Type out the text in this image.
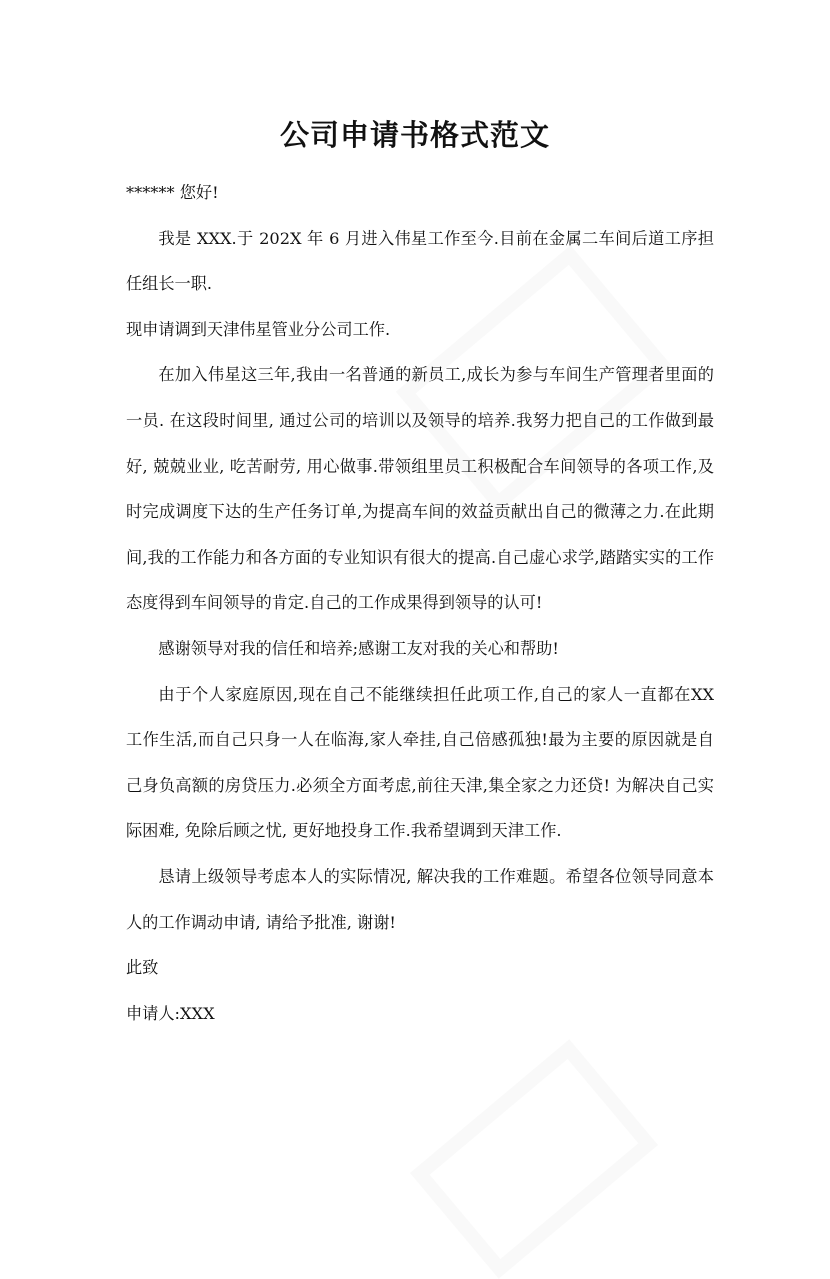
公司申请书格式范文

****** 您好!

我是 XXX.于 202X 年 6 月进入伟星工作至今.目前在金属二车间后道工序担任组长一职.

现申请调到天津伟星管业分公司工作.

在加入伟星这三年,我由一名普通的新员工,成长为参与车间生产管理者里面的一员. 在这段时间里, 通过公司的培训以及领导的培养.我努力把自己的工作做到最好, 兢兢业业, 吃苦耐劳, 用心做事.带领组里员工积极配合车间领导的各项工作,及时完成调度下达的生产任务订单,为提高车间的效益贡献出自己的微薄之力.在此期间,我的工作能力和各方面的专业知识有很大的提高.自己虚心求学,踏踏实实的工作态度得到车间领导的肯定.自己的工作成果得到领导的认可!

感谢领导对我的信任和培养;感谢工友对我的关心和帮助!

由于个人家庭原因,现在自己不能继续担任此项工作,自己的家人一直都在XX 工作生活,而自己只身一人在临海,家人牵挂,自己倍感孤独!最为主要的原因就是自己身负高额的房贷压力.必须全方面考虑,前往天津,集全家之力还贷! 为解决自己实际困难, 免除后顾之忧, 更好地投身工作.我希望调到天津工作.

恳请上级领导考虑本人的实际情况, 解决我的工作难题。希望各位领导同意本人的工作调动申请, 请给予批准, 谢谢!

此致

申请人:XXX
